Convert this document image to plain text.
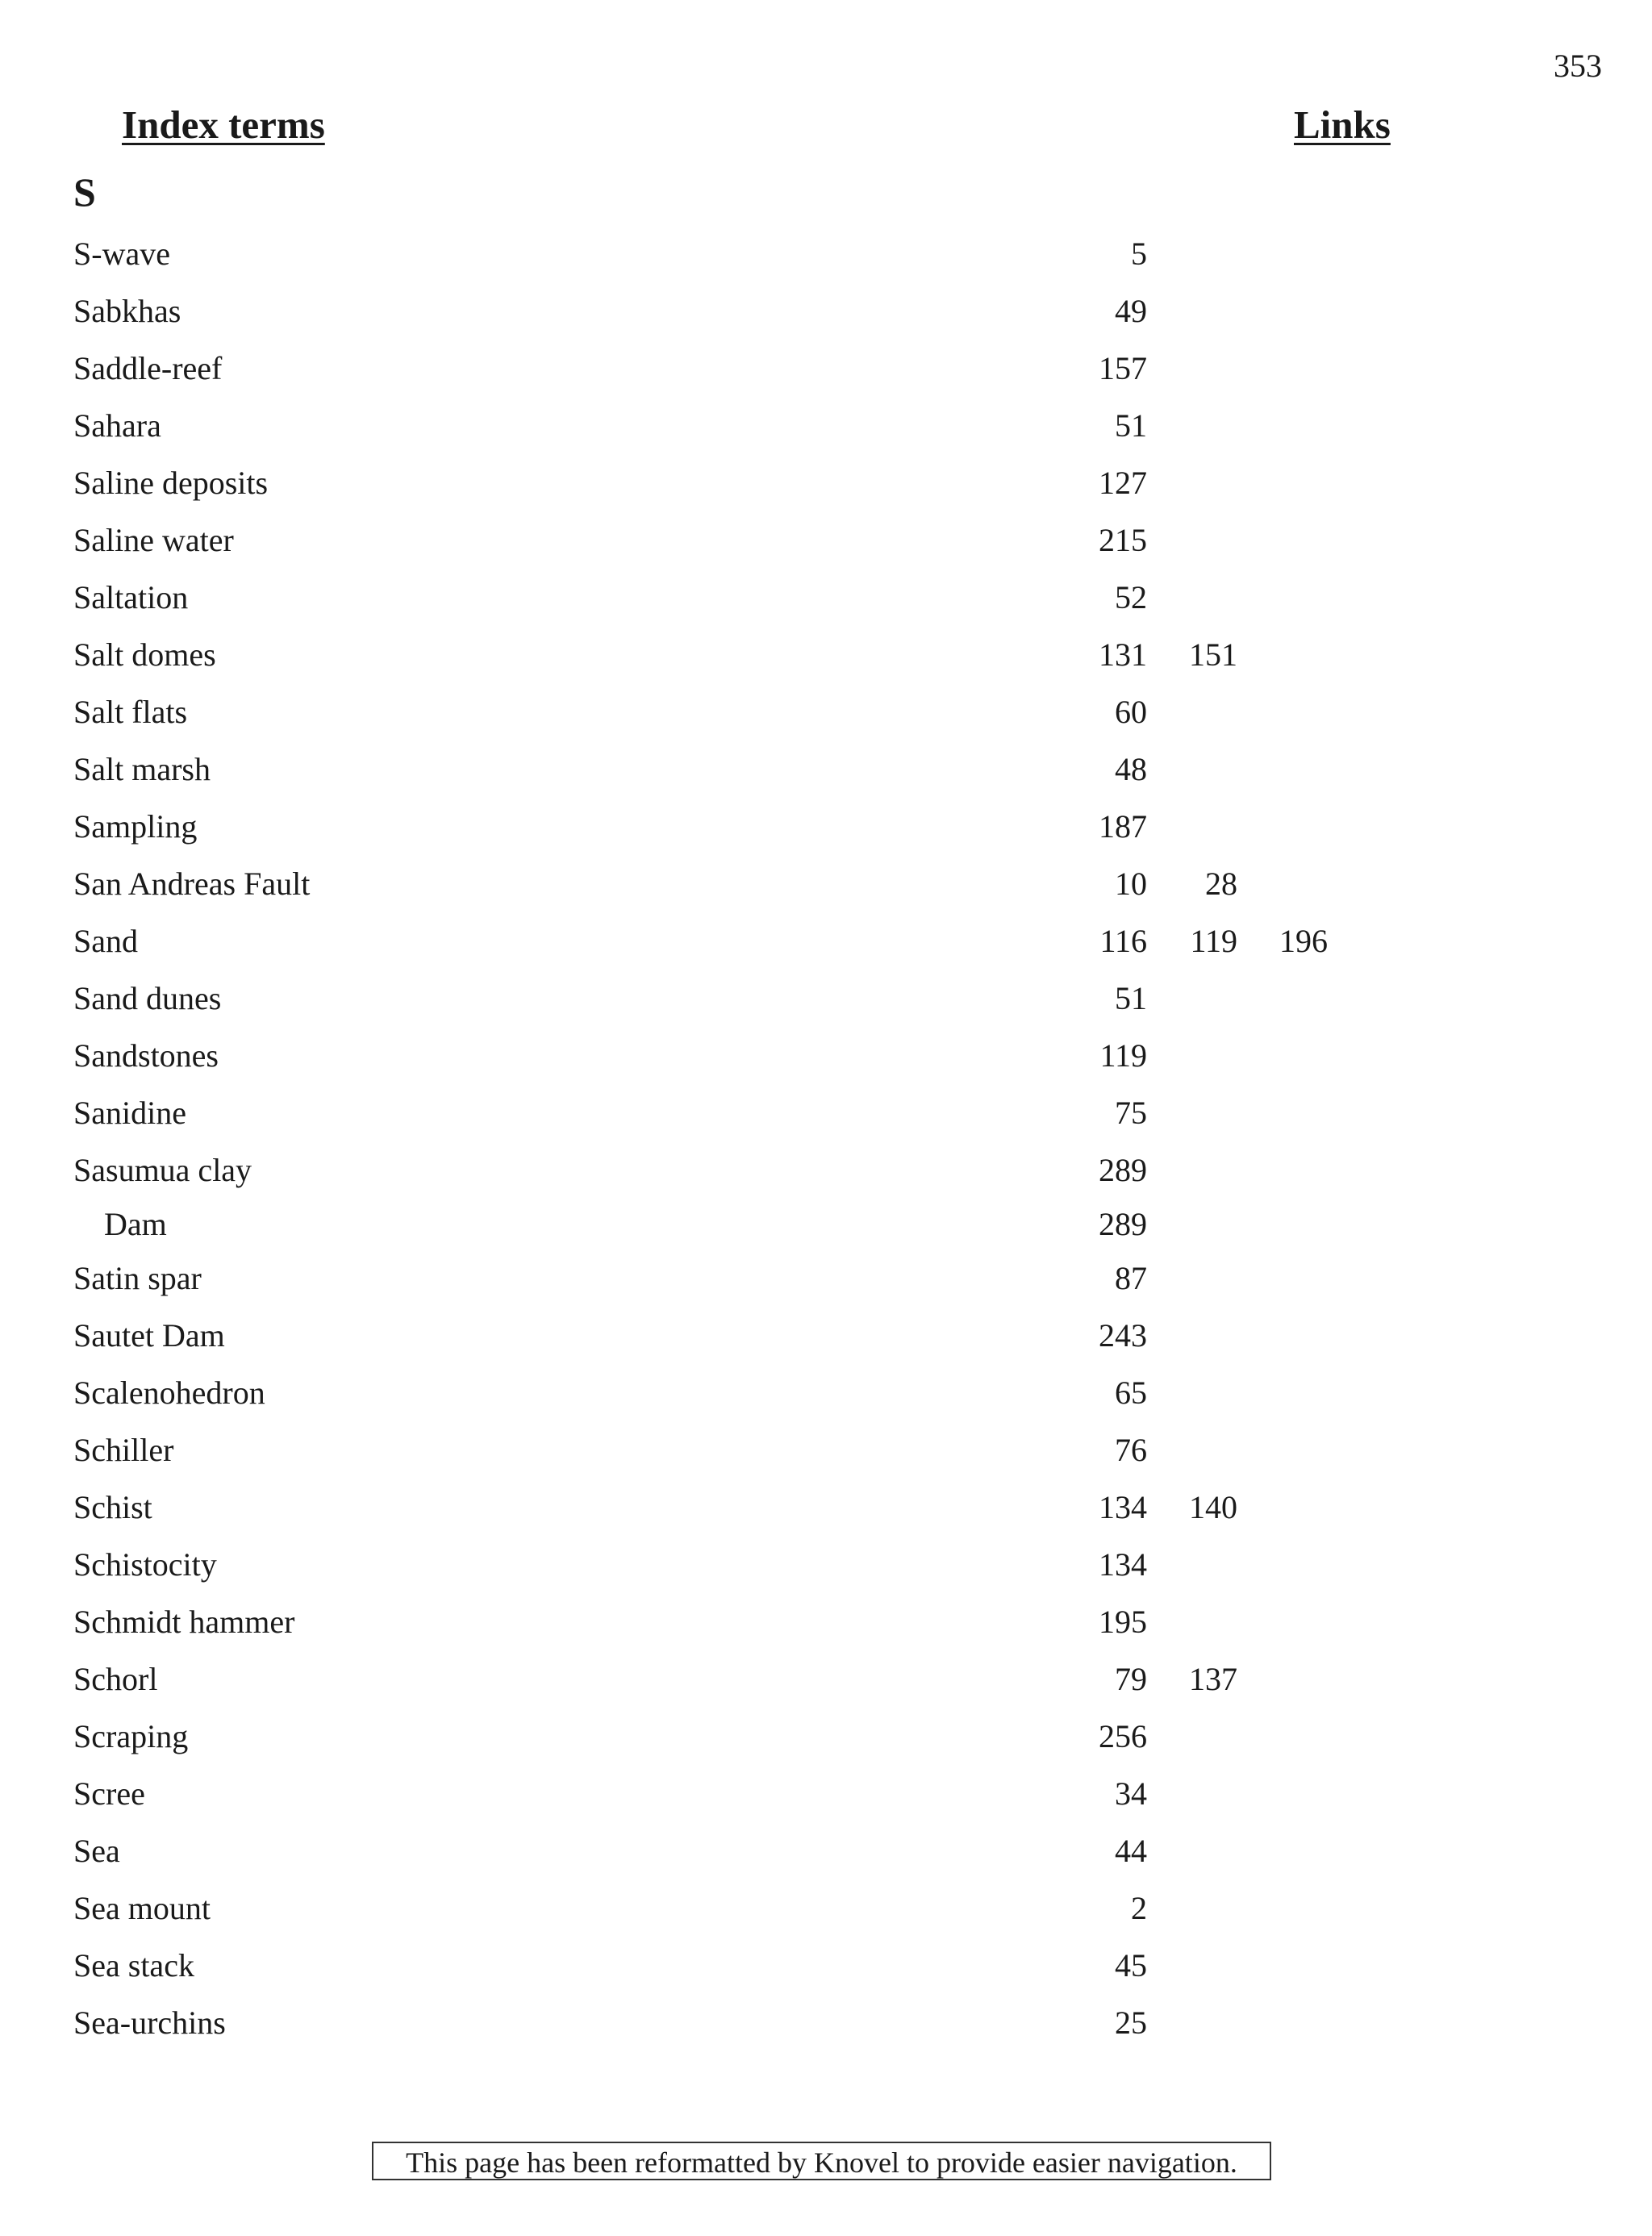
353
Index terms	Links
S
S-wave	5
Sabkhas	49
Saddle-reef	157
Sahara	51
Saline deposits	127
Saline water	215
Saltation	52
Salt domes	131	151
Salt flats	60
Salt marsh	48
Sampling	187
San Andreas Fault	10	28
Sand	116	119	196
Sand dunes	51
Sandstones	119
Sanidine	75
Sasumua clay	289
Dam	289
Satin spar	87
Sautet Dam	243
Scalenohedron	65
Schiller	76
Schist	134	140
Schistocity	134
Schmidt hammer	195
Schorl	79	137
Scraping	256
Scree	34
Sea	44
Sea mount	2
Sea stack	45
Sea-urchins	25
This page has been reformatted by Knovel to provide easier navigation.
